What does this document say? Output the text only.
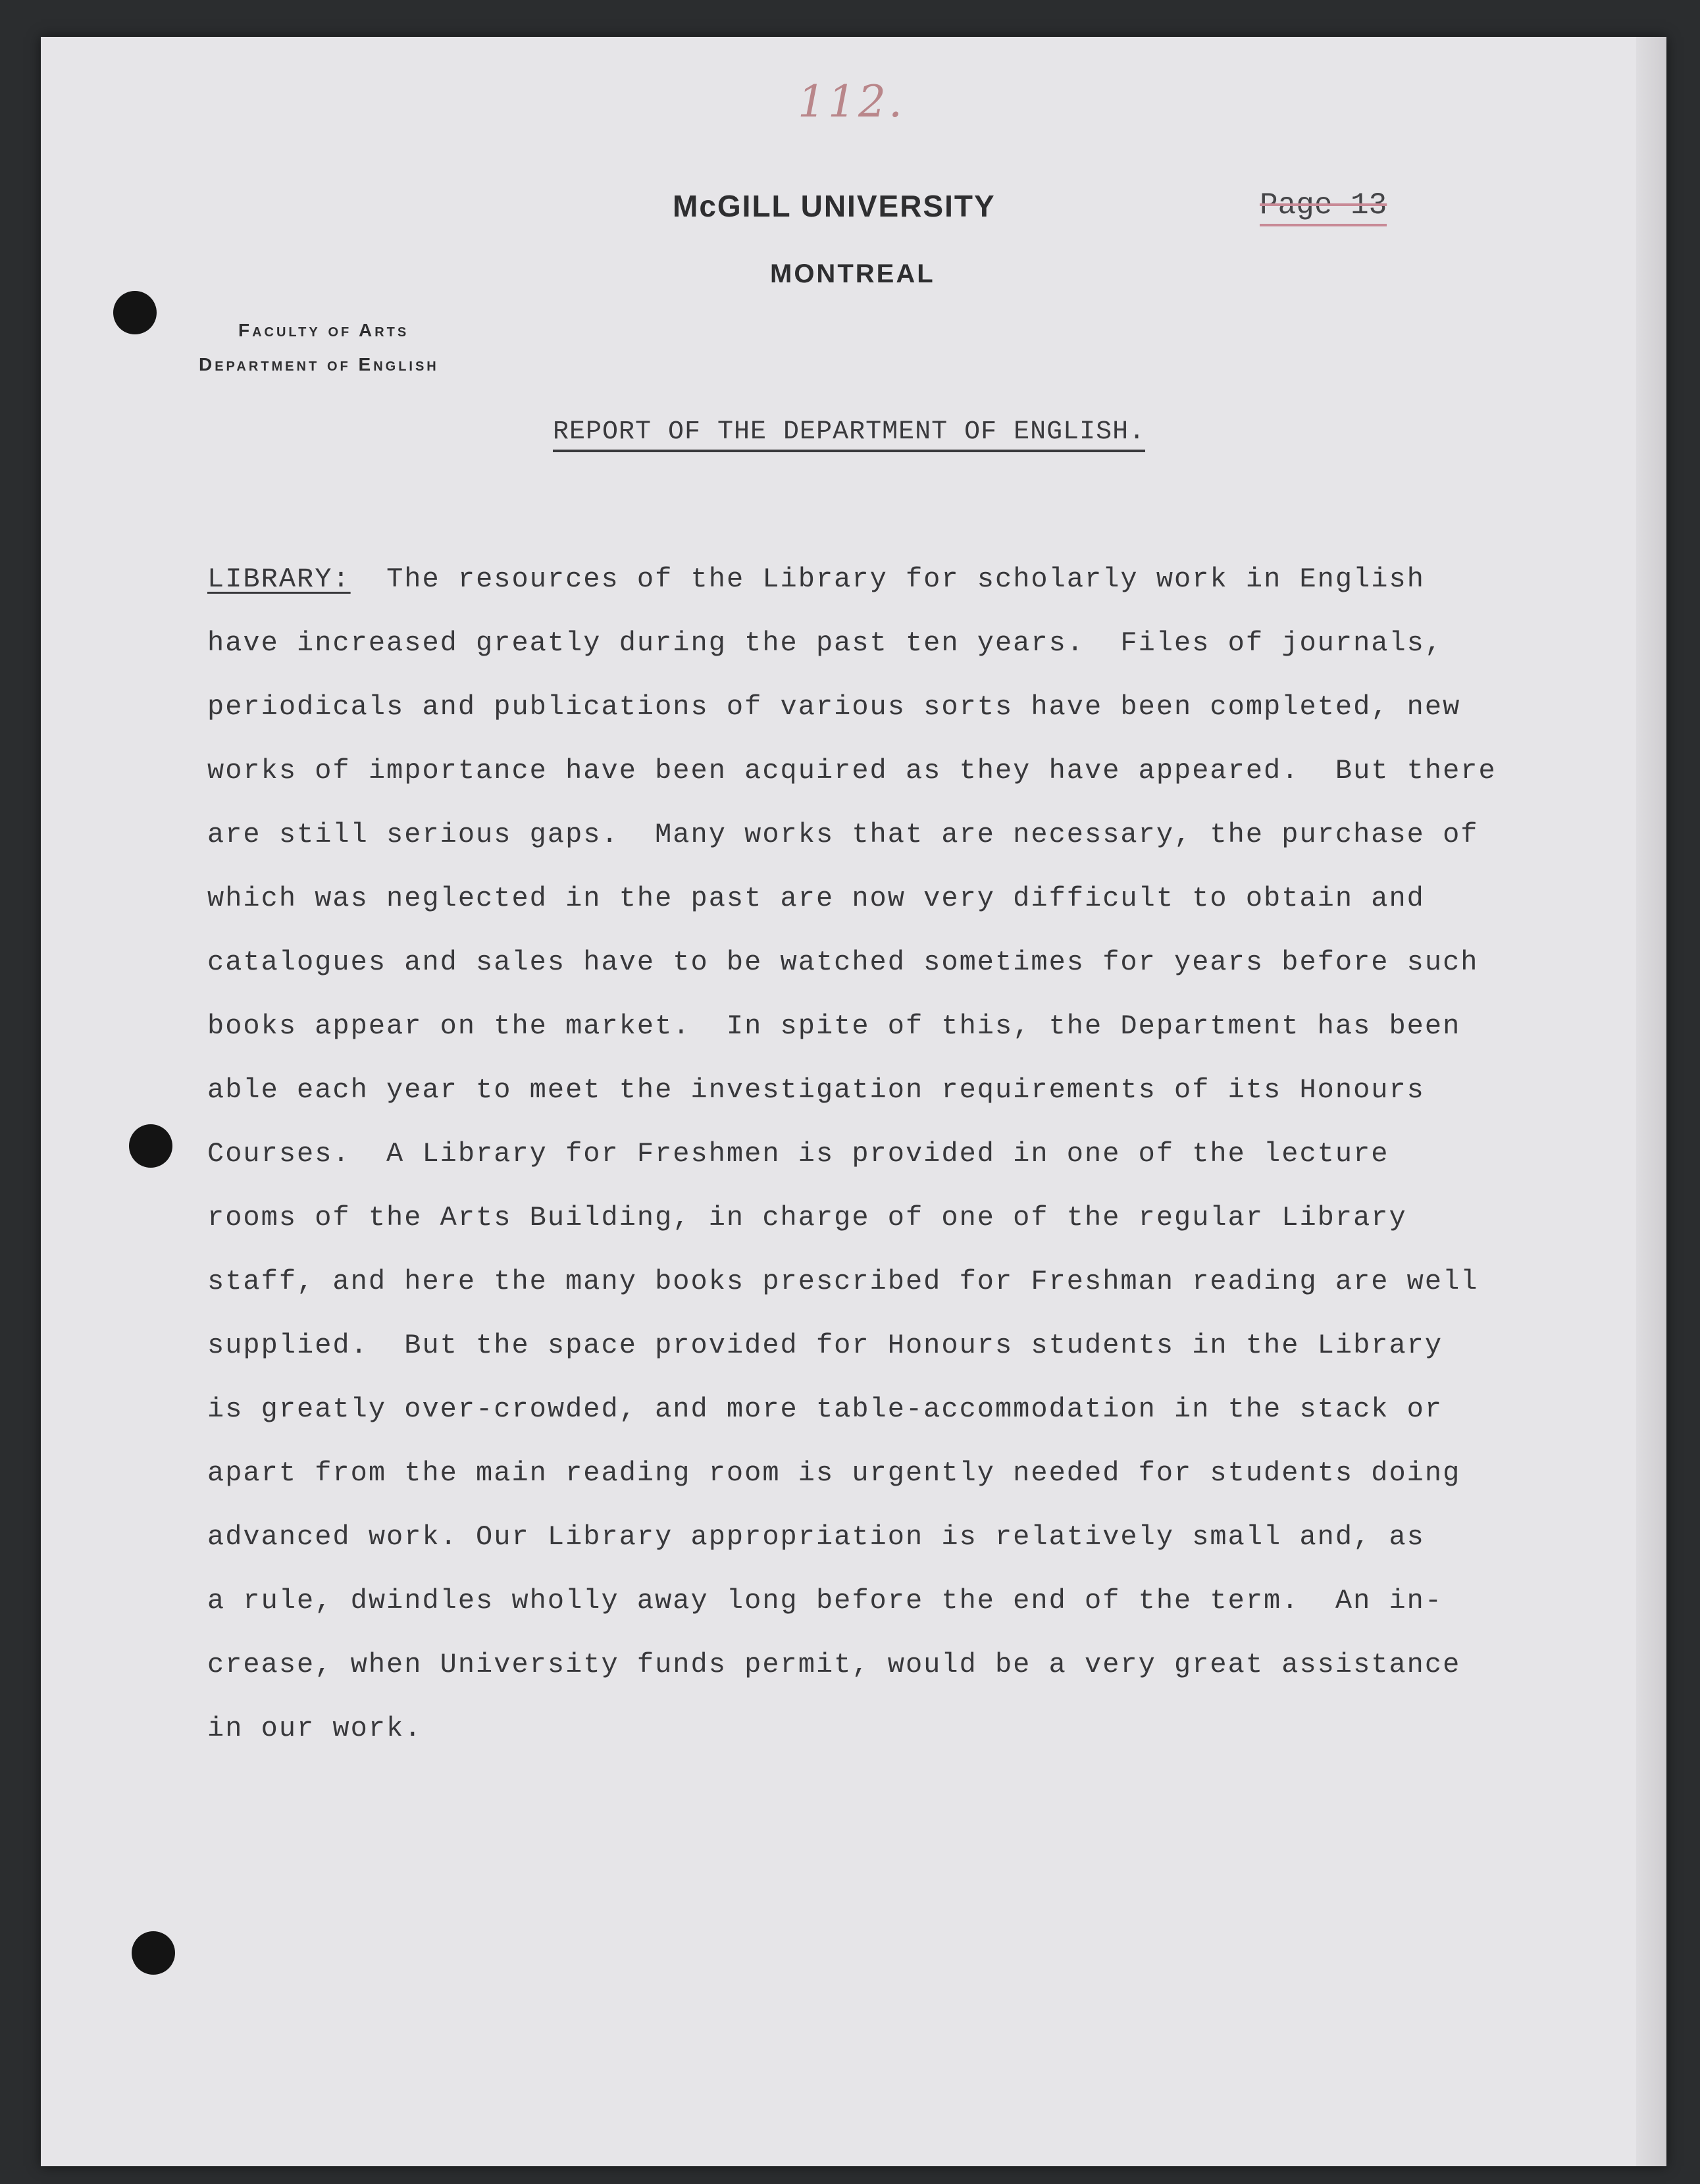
112.
McGILL UNIVERSITY
MONTREAL
Faculty of Arts
Department of English
Page 13
REPORT OF THE DEPARTMENT OF ENGLISH.
LIBRARY: The resources of the Library for scholarly work in English
have increased greatly during the past ten years.  Files of journals,
periodicals and publications of various sorts have been completed, new
works of importance have been acquired as they have appeared.  But there
are still serious gaps.  Many works that are necessary, the purchase of
which was neglected in the past are now very difficult to obtain and
catalogues and sales have to be watched sometimes for years before such
books appear on the market.  In spite of this, the Department has been
able each year to meet the investigation requirements of its Honours
Courses.  A Library for Freshmen is provided in one of the lecture
rooms of the Arts Building, in charge of one of the regular Library
staff, and here the many books prescribed for Freshman reading are well
supplied.  But the space provided for Honours students in the Library
is greatly over-crowded, and more table-accommodation in the stack or
apart from the main reading room is urgently needed for students doing
advanced work. Our Library appropriation is relatively small and, as
a rule, dwindles wholly away long before the end of the term.  An in-
crease, when University funds permit, would be a very great assistance
in our work.
